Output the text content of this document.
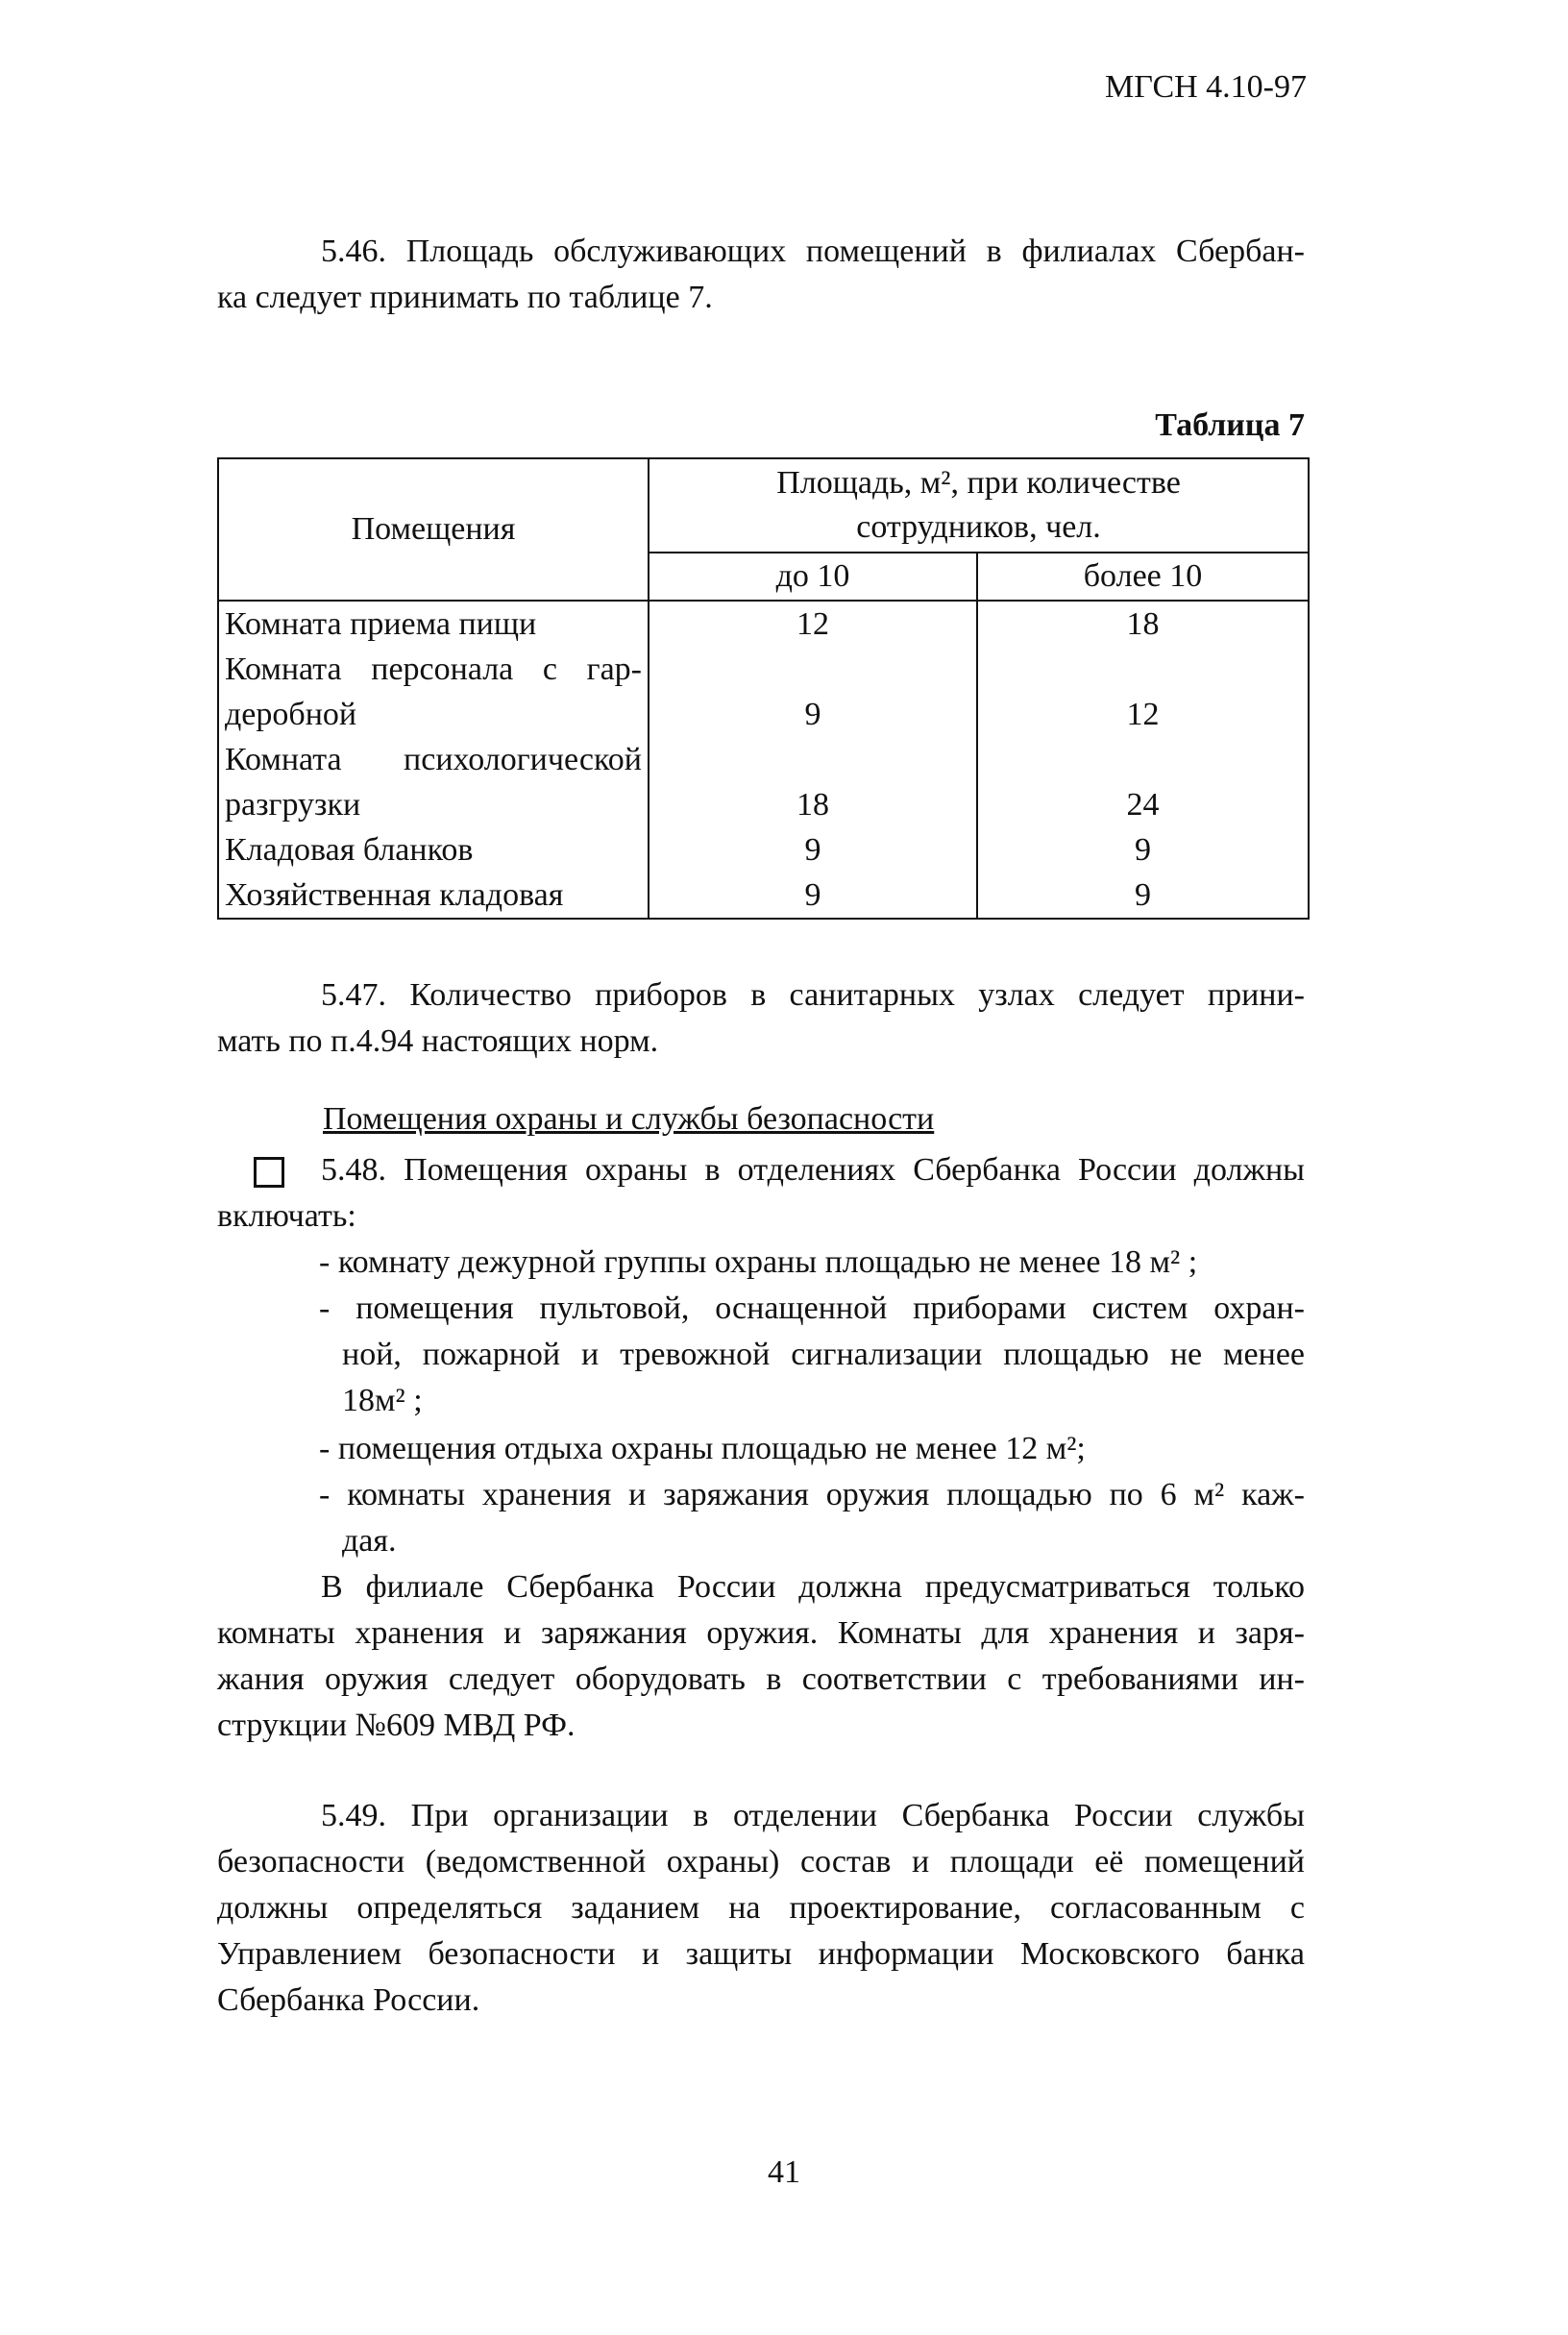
МГСН 4.10-97
5.46. Площадь обслуживающих помещений в филиалах Сбербан-
ка следует принимать по таблице 7.
Таблица 7
Помещения	Площадь, м², при количестве
сотрудников, чел.	

	до 10	более 10
Комната приема пищи	12	18

Комната персонала с гар-
деробной	9	12

Комната психологической
разгрузки	18	24
Кладовая бланков	9	9
Хозяйственная кладовая	9	9
5.47. Количество приборов в санитарных узлах следует прини-
мать по п.4.94 настоящих норм.
Помещения охраны и службы безопасности
5.48. Помещения охраны в отделениях Сбербанка России должны
включать:
- комнату дежурной группы охраны площадью не менее 18 м² ;
- помещения пультовой, оснащенной приборами систем охран-
ной, пожарной и тревожной сигнализации площадью не менее
18м² ;
- помещения отдыха охраны площадью не менее 12 м²;
- комнаты хранения и заряжания оружия площадью по 6 м² каж-
дая.
В филиале Сбербанка России должна предусматриваться только
комнаты хранения и заряжания оружия. Комнаты для хранения и заря-
жания оружия следует оборудовать в соответствии с требованиями ин-
струкции №609 МВД РФ.
5.49. При организации в отделении Сбербанка России службы
безопасности (ведомственной охраны) состав и площади её помещений
должны определяться заданием на проектирование, согласованным с
Управлением безопасности и защиты информации Московского банка
Сбербанка России.
41
